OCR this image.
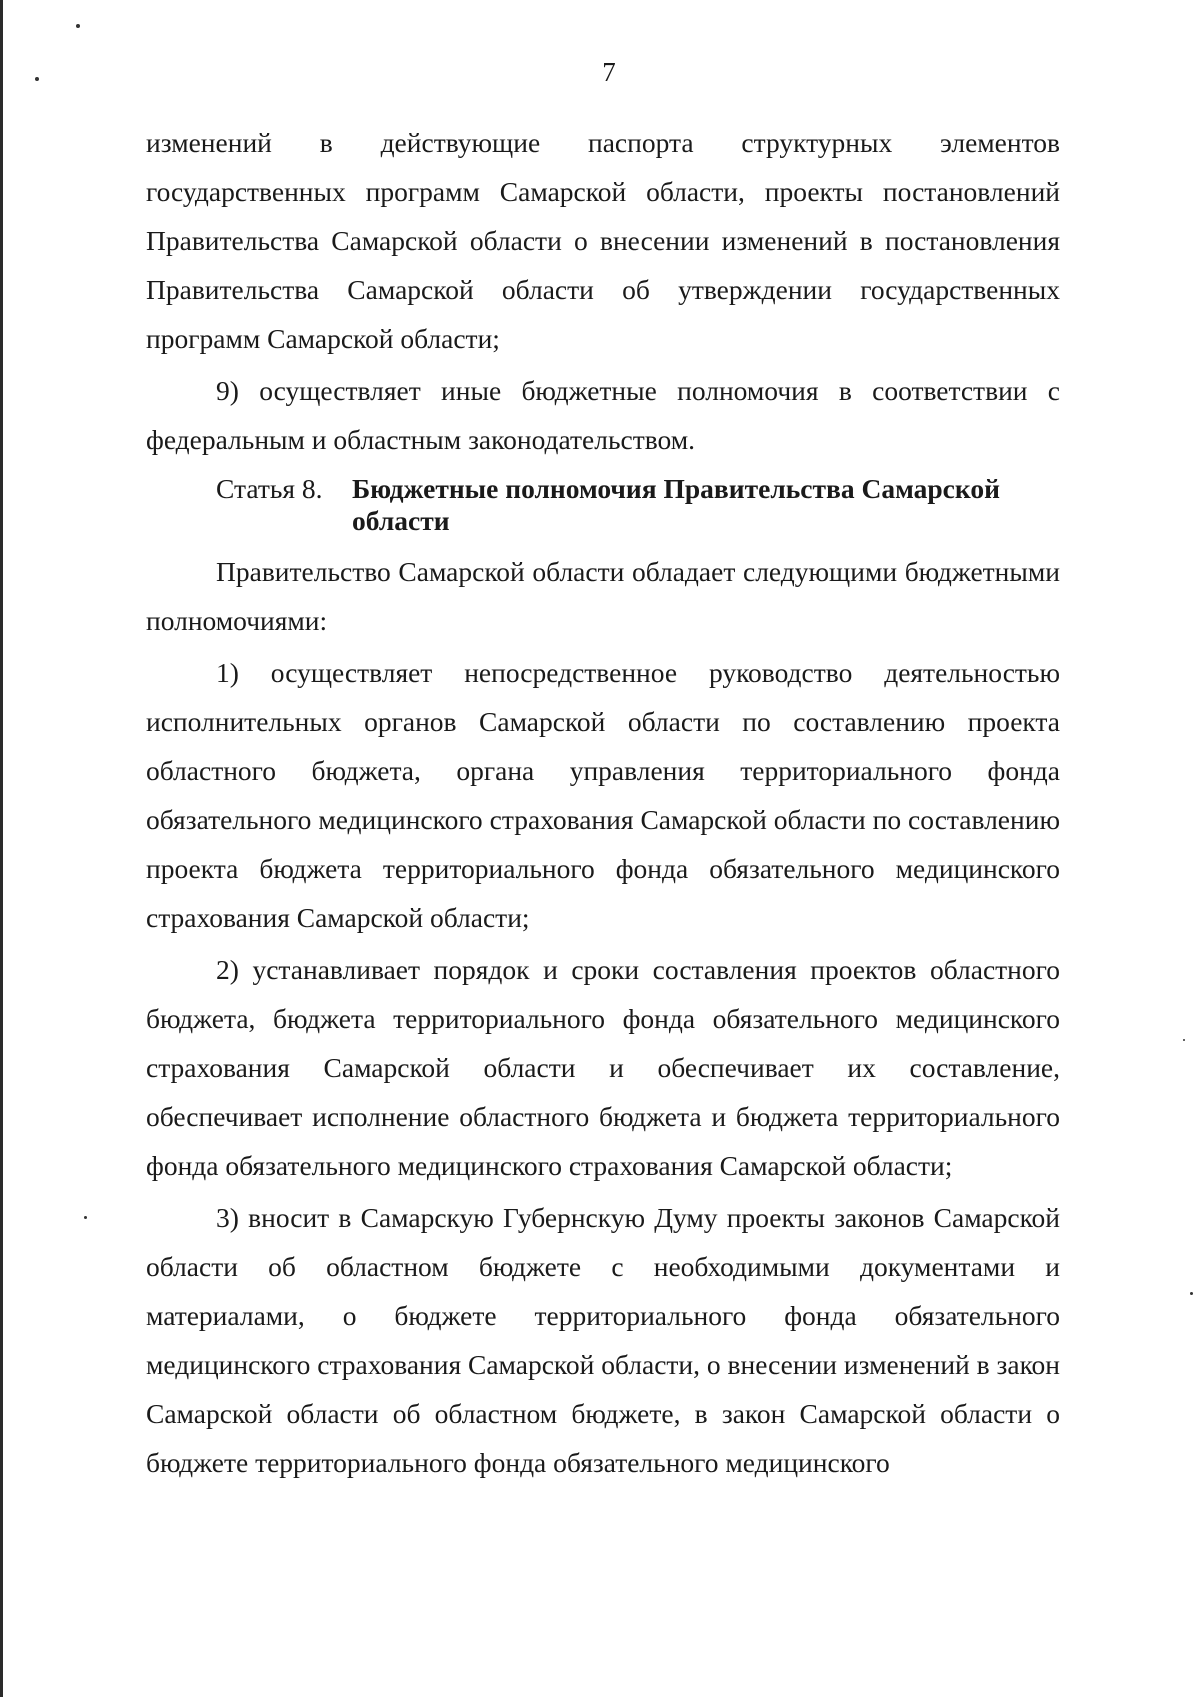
7

изменений в действующие паспорта структурных элементов государственных программ Самарской области, проекты постановлений Правительства Самарской области о внесении изменений в постановления Правительства Самарской области об утверждении государственных программ Самарской области;

9) осуществляет иные бюджетные полномочия в соответствии с федеральным и областным законодательством.

Статья 8.	Бюджетные полномочия Правительства Самарской области

Правительство Самарской области обладает следующими бюджетными полномочиями:

1) осуществляет непосредственное руководство деятельностью исполнительных органов Самарской области по составлению проекта областного бюджета, органа управления территориального фонда обязательного медицинского страхования Самарской области по составлению проекта бюджета территориального фонда обязательного медицинского страхования Самарской области;

2) устанавливает порядок и сроки составления проектов областного бюджета, бюджета территориального фонда обязательного медицинского страхования Самарской области и обеспечивает их составление, обеспечивает исполнение областного бюджета и бюджета территориального фонда обязательного медицинского страхования Самарской области;

3) вносит в Самарскую Губернскую Думу проекты законов Самарской области об областном бюджете с необходимыми документами и материалами, о бюджете территориального фонда обязательного медицинского страхования Самарской области, о внесении изменений в закон Самарской области об областном бюджете, в закон Самарской области о бюджете территориального фонда обязательного медицинского
